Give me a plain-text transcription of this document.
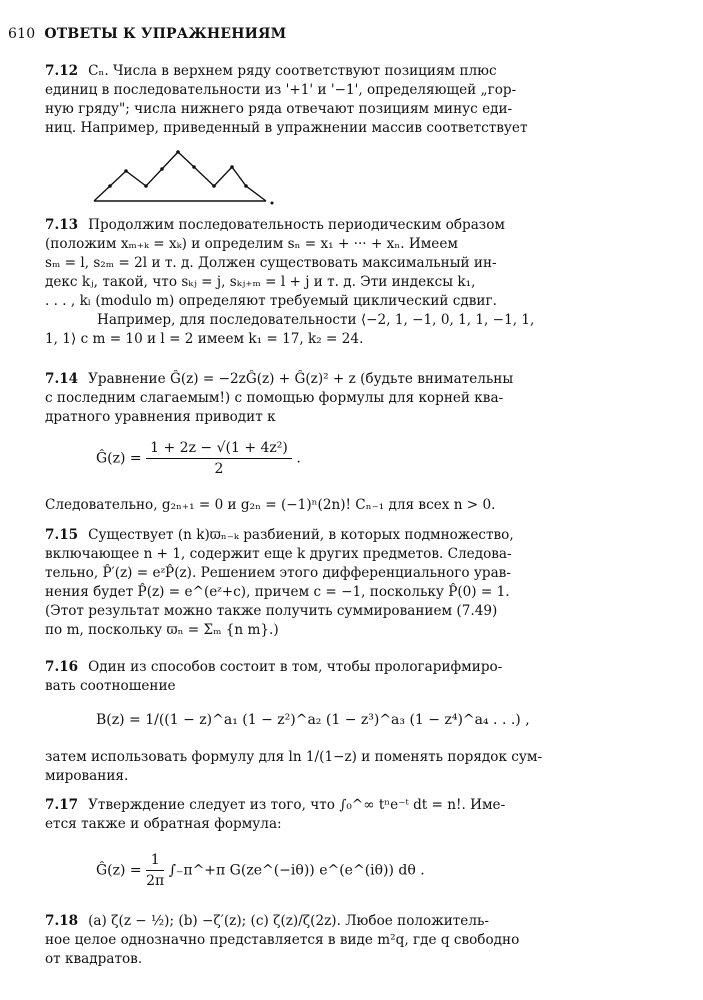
610 ОТВЕТЫ К УПРАЖНЕНИЯМ
7.12 Cₙ. Числа в верхнем ряду соответствуют позициям плюс
единиц в последовательности из '+1' и '−1', определяющей „гор-
ную гряду"; числа нижнего ряда отвечают позициям минус еди-
ниц. Например, приведенный в упражнении массив соответствует
7.13 Продолжим последовательность периодическим образом
(положим xₘ₊ₖ = xₖ) и определим sₙ = x₁ + ··· + xₙ. Имеем
sₘ = l, s₂ₘ = 2l и т. д. Должен существовать максимальный ин-
декс kⱼ, такой, что sₖⱼ = j, sₖⱼ₊ₘ = l + j и т. д. Эти индексы k₁,
. . . , kₗ (modulo m) определяют требуемый циклический сдвиг.
Например, для последовательности ⟨−2, 1, −1, 0, 1, 1, −1, 1,
1, 1⟩ с m = 10 и l = 2 имеем k₁ = 17, k₂ = 24.
7.14 Уравнение Ĝ(z) = −2zĜ(z) + Ĝ(z)² + z (будьте внимательны
с последним слагаемым!) с помощью формулы для корней ква-
дратного уравнения приводит к
Ĝ(z) = $\frac{\text{1 + 2z − √(1 + 4z²)}}{2}$ .
Следовательно, g₂ₙ₊₁ = 0 и g₂ₙ = (−1)ⁿ(2n)! Cₙ₋₁ для всех n > 0.
7.15 Существует (n k)ϖₙ₋ₖ разбиений, в которых подмножество,
включающее n + 1, содержит еще k других предметов. Следова-
тельно, P̂′(z) = eᶻP̂(z). Решением этого дифференциального урав-
нения будет P̂(z) = e^(eᶻ+c), причем c = −1, поскольку P̂(0) = 1.
(Этот результат можно также получить суммированием (7.49)
по m, поскольку ϖₙ = Σₘ {n m}.)
7.16 Один из способов состоит в том, чтобы прологарифмиро-
вать соотношение
B(z) = 1/((1 − z)^a₁ (1 − z²)^a₂ (1 − z³)^a₃ (1 − z⁴)^a₄ . . .) ,
затем использовать формулу для ln 1/(1−z) и поменять порядок сум-
мирования.
7.17 Утверждение следует из того, что ∫₀^∞ tⁿe⁻ᵗ dt = n!. Име-
ется также и обратная формула:
Ĝ(z) = $\frac{1}{2\pi}$ ∫₋π^+π G(ze^(−iθ)) e^(e^(iθ)) dθ .
7.18 (a) ζ(z − ½); (b) −ζ′(z); (c) ζ(z)/ζ(2z). Любое положитель-
ное целое однозначно представляется в виде m²q, где q свободно
от квадратов.
